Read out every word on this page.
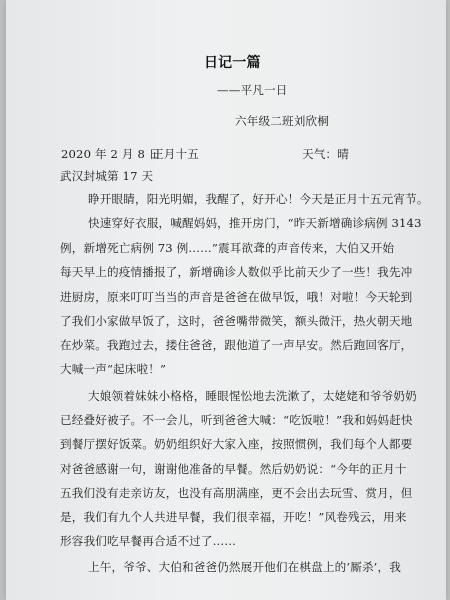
日记一篇
——平凡一日
六年级二班刘欣桐
2020 年 2 月 8 日
正月十五	天气：晴
武汉封城第 17 天
睁开眼睛，阳光明媚，我醒了，好开心！今天是正月十五元宵节。
快速穿好衣服，喊醒妈妈，推开房门，“昨天新增确诊病例 3143
例，新增死亡病例 73 例……”震耳欲聋的声音传来，大伯又开始
每天早上的疫情播报了，新增确诊人数似乎比前天少了一些！我先冲
进厨房，原来叮叮当当的声音是爸爸在做早饭，哦！对啦！今天轮到
了我们小家做早饭了，这时，爸爸嘴带微笑，额头微汗，热火朝天地
在炒菜。我跑过去，搂住爸爸，跟他道了一声早安。然后跑回客厅，
大喊一声“起床啦！”
大娘领着妹妹小格格，睡眼惺忪地去洗漱了，太姥姥和爷爷奶奶
已经叠好被子。不一会儿，听到爸爸大喊：“吃饭啦！”我和妈妈赶快
到餐厅摆好饭菜。奶奶组织好大家入座，按照惯例，我们每个人都要
对爸爸感谢一句，谢谢他准备的早餐。然后奶奶说：“今年的正月十
五我们没有走亲访友，也没有高朋满座，更不会出去玩雪、赏月，但
是，我们有九个人共进早餐，我们很幸福，开吃！”风卷残云，用来
形容我们吃早餐再合适不过了……
上午，爷爷、大伯和爸爸仍然展开他们在棋盘上的‘厮杀’，我
